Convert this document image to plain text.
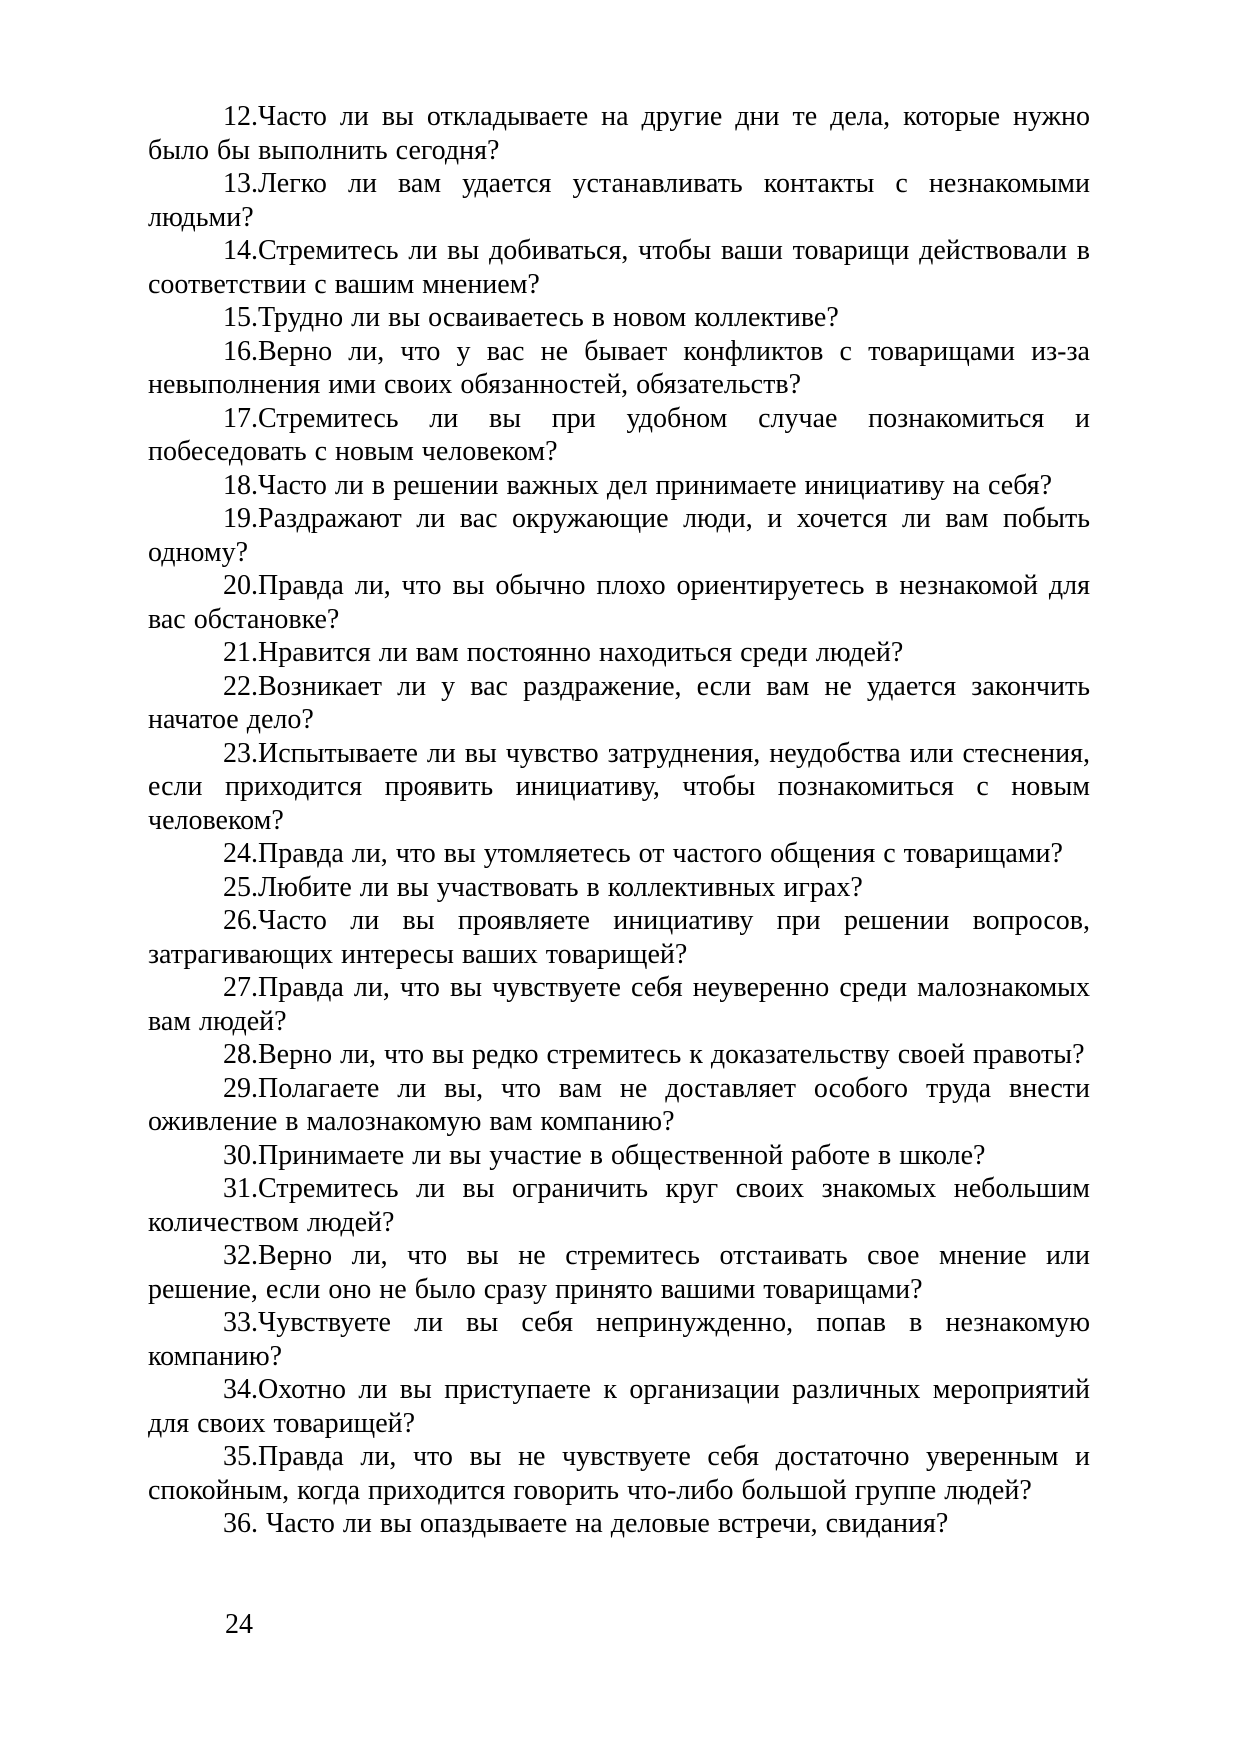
12.Часто ли вы откладываете на другие дни те дела, которые нужно было бы выполнить сегодня?

13.Легко ли вам удается устанавливать контакты с незнакомыми людьми?

14.Стремитесь ли вы добиваться, чтобы ваши товарищи действовали в соответствии с вашим мнением?

15.Трудно ли вы осваиваетесь в новом коллективе?

16.Верно ли, что у вас не бывает конфликтов с товарищами из-за невыполнения ими своих обязанностей, обязательств?

17.Стремитесь ли вы при удобном случае познакомиться и побеседовать с новым человеком?

18.Часто ли в решении важных дел принимаете инициативу на себя?

19.Раздражают ли вас окружающие люди, и хочется ли вам побыть одному?

20.Правда ли, что вы обычно плохо ориентируетесь в незнакомой для вас обстановке?

21.Нравится ли вам постоянно находиться среди людей?

22.Возникает ли у вас раздражение, если вам не удается закончить начатое дело?

23.Испытываете ли вы чувство затруднения, неудобства или стеснения, если приходится проявить инициативу, чтобы познакомиться с новым человеком?

24.Правда ли, что вы утомляетесь от частого общения с товарищами?

25.Любите ли вы участвовать в коллективных играх?

26.Часто ли вы проявляете инициативу при решении вопросов, затрагивающих интересы ваших товарищей?

27.Правда ли, что вы чувствуете себя неуверенно среди малознакомых вам людей?

28.Верно ли, что вы редко стремитесь к доказательству своей правоты?

29.Полагаете ли вы, что вам не доставляет особого труда внести оживление в малознакомую вам компанию?

30.Принимаете ли вы участие в общественной работе в школе?

31.Стремитесь ли вы ограничить круг своих знакомых небольшим количеством людей?

32.Верно ли, что вы не стремитесь отстаивать свое мнение или решение, если оно не было сразу принято вашими товарищами?

33.Чувствуете ли вы себя непринужденно, попав в незнакомую компанию?

34.Охотно ли вы приступаете к организации различных мероприятий для своих товарищей?

35.Правда ли, что вы не чувствуете себя достаточно уверенным и спокойным, когда приходится говорить что-либо большой группе людей?

36. Часто ли вы опаздываете на деловые встречи, свидания?

24
